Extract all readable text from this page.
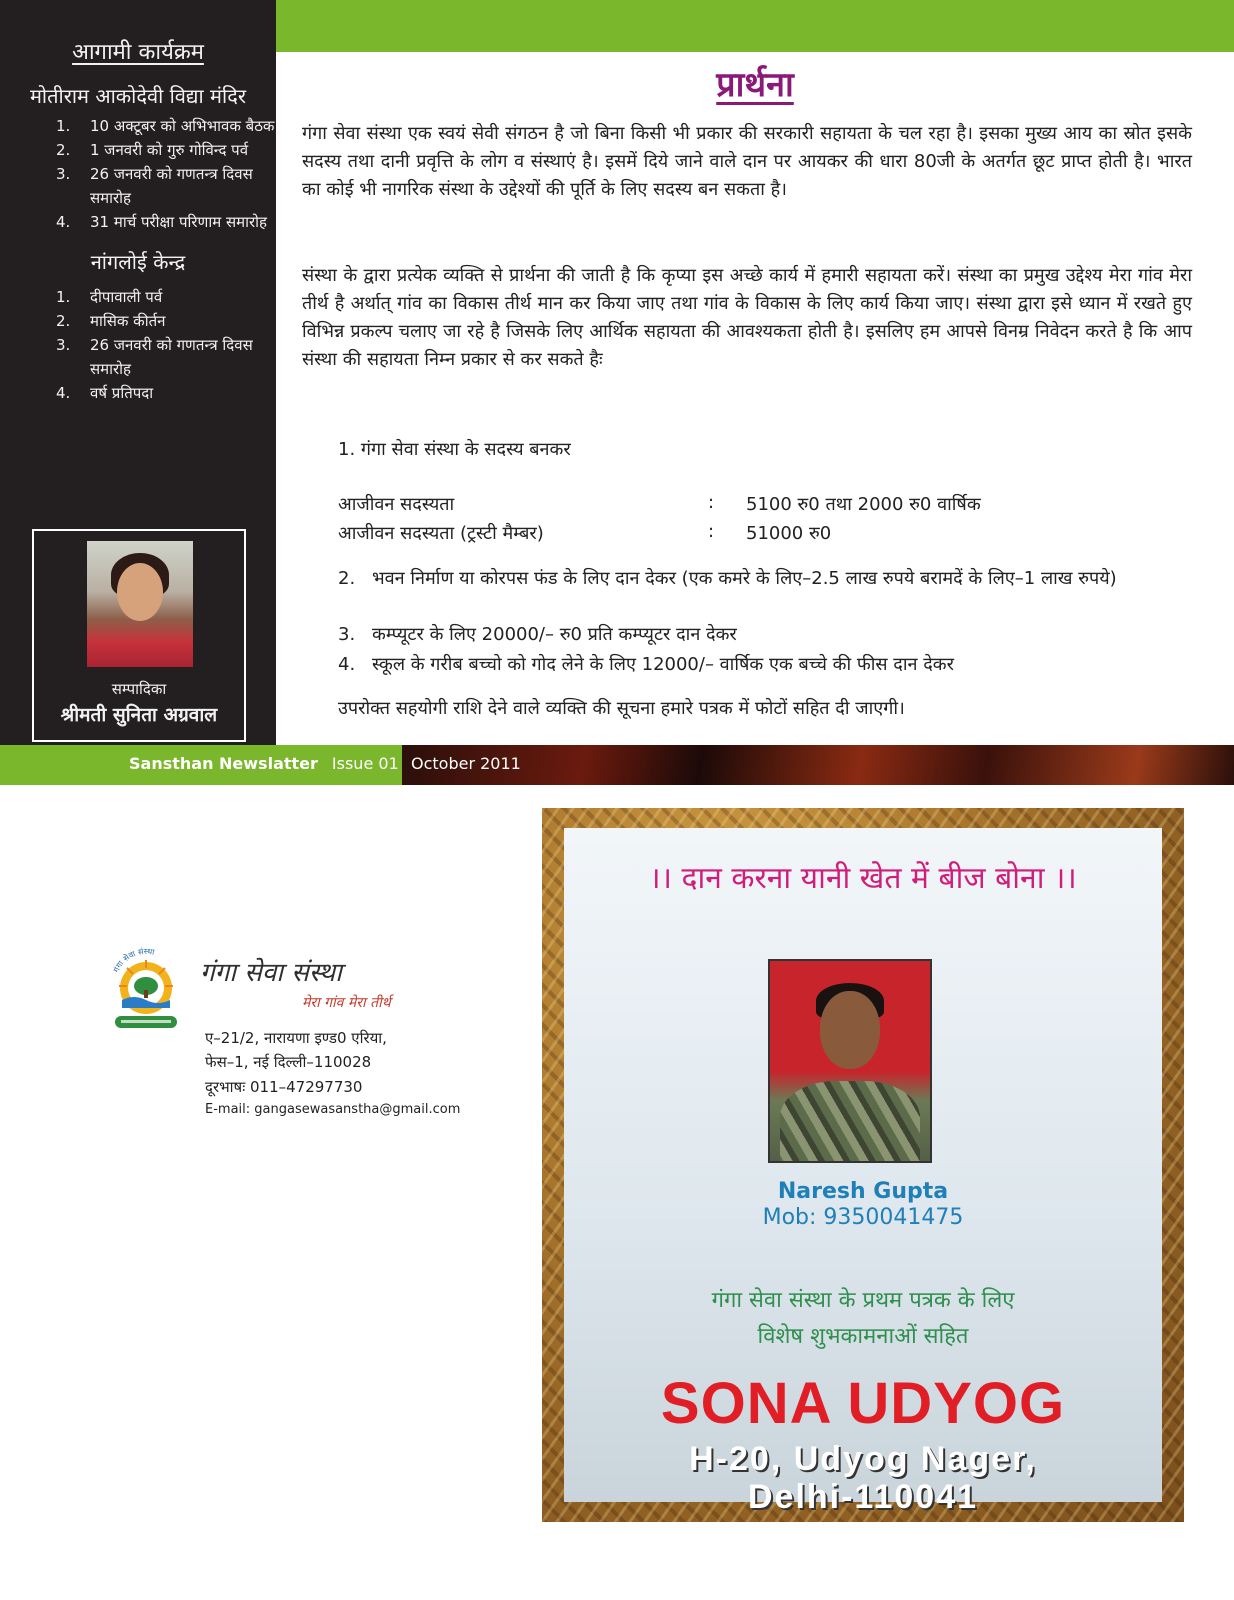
आगामी कार्यक्रम
मोतीराम आकोदेवी विद्या मंदिर
1. 10 अक्टूबर को अभिभावक बैठक
2. 1 जनवरी को गुरु गोविन्द पर्व
3. 26 जनवरी को गणतन्त्र दिवस समारोह
4. 31 मार्च परीक्षा परिणाम समारोह
नांगलोई केन्द्र
1. दीपावाली पर्व
2. मासिक कीर्तन
3. 26 जनवरी को गणतन्त्र दिवस समारोह
4. वर्ष प्रतिपदा
सम्पादिका
श्रीमती सुनिता अग्रवाल
प्रार्थना

गंगा सेवा संस्था एक स्वयं सेवी संगठन है जो बिना किसी भी प्रकार की सरकारी सहायता के चल रहा है। इसका मुख्य आय का स्रोत इसके सदस्य तथा दानी प्रवृत्ति के लोग व संस्थाएं है। इसमें दिये जाने वाले दान पर आयकर की धारा 80जी के अतर्गत छूट प्राप्त होती है। भारत का कोई भी नागरिक संस्था के उद्देश्यों की पूर्ति के लिए सदस्य बन सकता है।

संस्था के द्वारा प्रत्येक व्यक्ति से प्रार्थना की जाती है कि कृप्या इस अच्छे कार्य में हमारी सहायता करें। संस्था का प्रमुख उद्देश्य मेरा गांव मेरा तीर्थ है अर्थात् गांव का विकास तीर्थ मान कर किया जाए तथा गांव के विकास के लिए कार्य किया जाए। संस्था द्वारा इसे ध्यान में रखते हुए विभिन्न प्रकल्प चलाए जा रहे है जिसके लिए आर्थिक सहायता की आवश्यकता होती है। इसलिए हम आपसे विनम्र निवेदन करते है कि आप संस्था की सहायता निम्न प्रकार से कर सकते हैः

1. गंगा सेवा संस्था के सदस्य बनकर
आजीवन सदस्यता	: 5100 रु0 तथा 2000 रु0 वार्षिक
आजीवन सदस्यता (ट्रस्टी मैम्बर)	: 51000 रु0
2. भवन निर्माण या कोरपस फंड के लिए दान देकर (एक कमरे के लिए–2.5 लाख रुपये बरामदें के लिए–1 लाख रुपये)
3. कम्प्यूटर के लिए 20000/– रु0 प्रति कम्प्यूटर दान देकर
4. स्कूल के गरीब बच्चो को गोद लेने के लिए 12000/– वार्षिक एक बच्चे की फीस दान देकर
उपरोक्त सहयोगी राशि देने वाले व्यक्ति की सूचना हमारे पत्रक में फोटों सहित दी जाएगी।
Sansthan Newslatter Issue 01 October 2011
गंगा सेवा संस्था
गंगा सेवा संस्था
मेरा गांव मेरा तीर्थ
ए–21/2, नारायणा इण्ड0 एरिया,
फेस–1, नई दिल्ली–110028
दूरभाषः 011–47297730
E-mail: gangasewasanstha@gmail.com
।। दान करना यानी खेत में बीज बोना ।।
Naresh Gupta
Mob: 9350041475
गंगा सेवा संस्था के प्रथम पत्रक के लिए
विशेष शुभकामनाओं सहित
SONA UDYOG
H-20, Udyog Nager,
Delhi-110041
